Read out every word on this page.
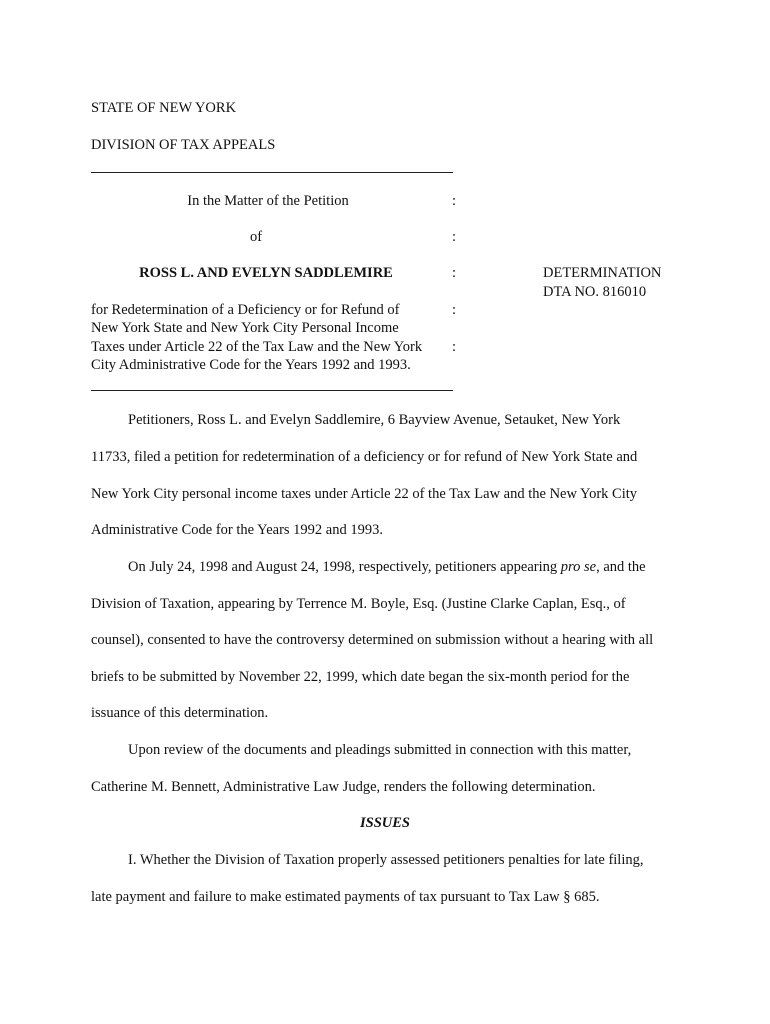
STATE OF NEW YORK
DIVISION OF TAX APPEALS
In the Matter of the Petition	:
of	:
ROSS L. AND EVELYN SADDLEMIRE	:	DETERMINATION
DTA NO. 816010
for Redetermination of a Deficiency or for Refund of	:
New York State and New York City Personal Income
Taxes under Article 22 of the Tax Law and the New York :
City Administrative Code for the Years 1992 and 1993.
Petitioners, Ross L. and Evelyn Saddlemire, 6 Bayview Avenue, Setauket, New York
11733, filed a petition for redetermination of a deficiency or for refund of New York State and
New York City personal income taxes under Article 22 of the Tax Law and the New York City
Administrative Code for the Years 1992 and 1993.
On July 24, 1998 and August 24, 1998, respectively, petitioners appearing pro se, and the
Division of Taxation, appearing by Terrence M. Boyle, Esq. (Justine Clarke Caplan, Esq., of
counsel), consented to have the controversy determined on submission without a hearing with all
briefs to be submitted by November 22, 1999, which date began the six-month period for the
issuance of this determination.
Upon review of the documents and pleadings submitted in connection with this matter,
Catherine M. Bennett, Administrative Law Judge, renders the following determination.
ISSUES
I. Whether the Division of Taxation properly assessed petitioners penalties for late filing,
late payment and failure to make estimated payments of tax pursuant to Tax Law § 685.
